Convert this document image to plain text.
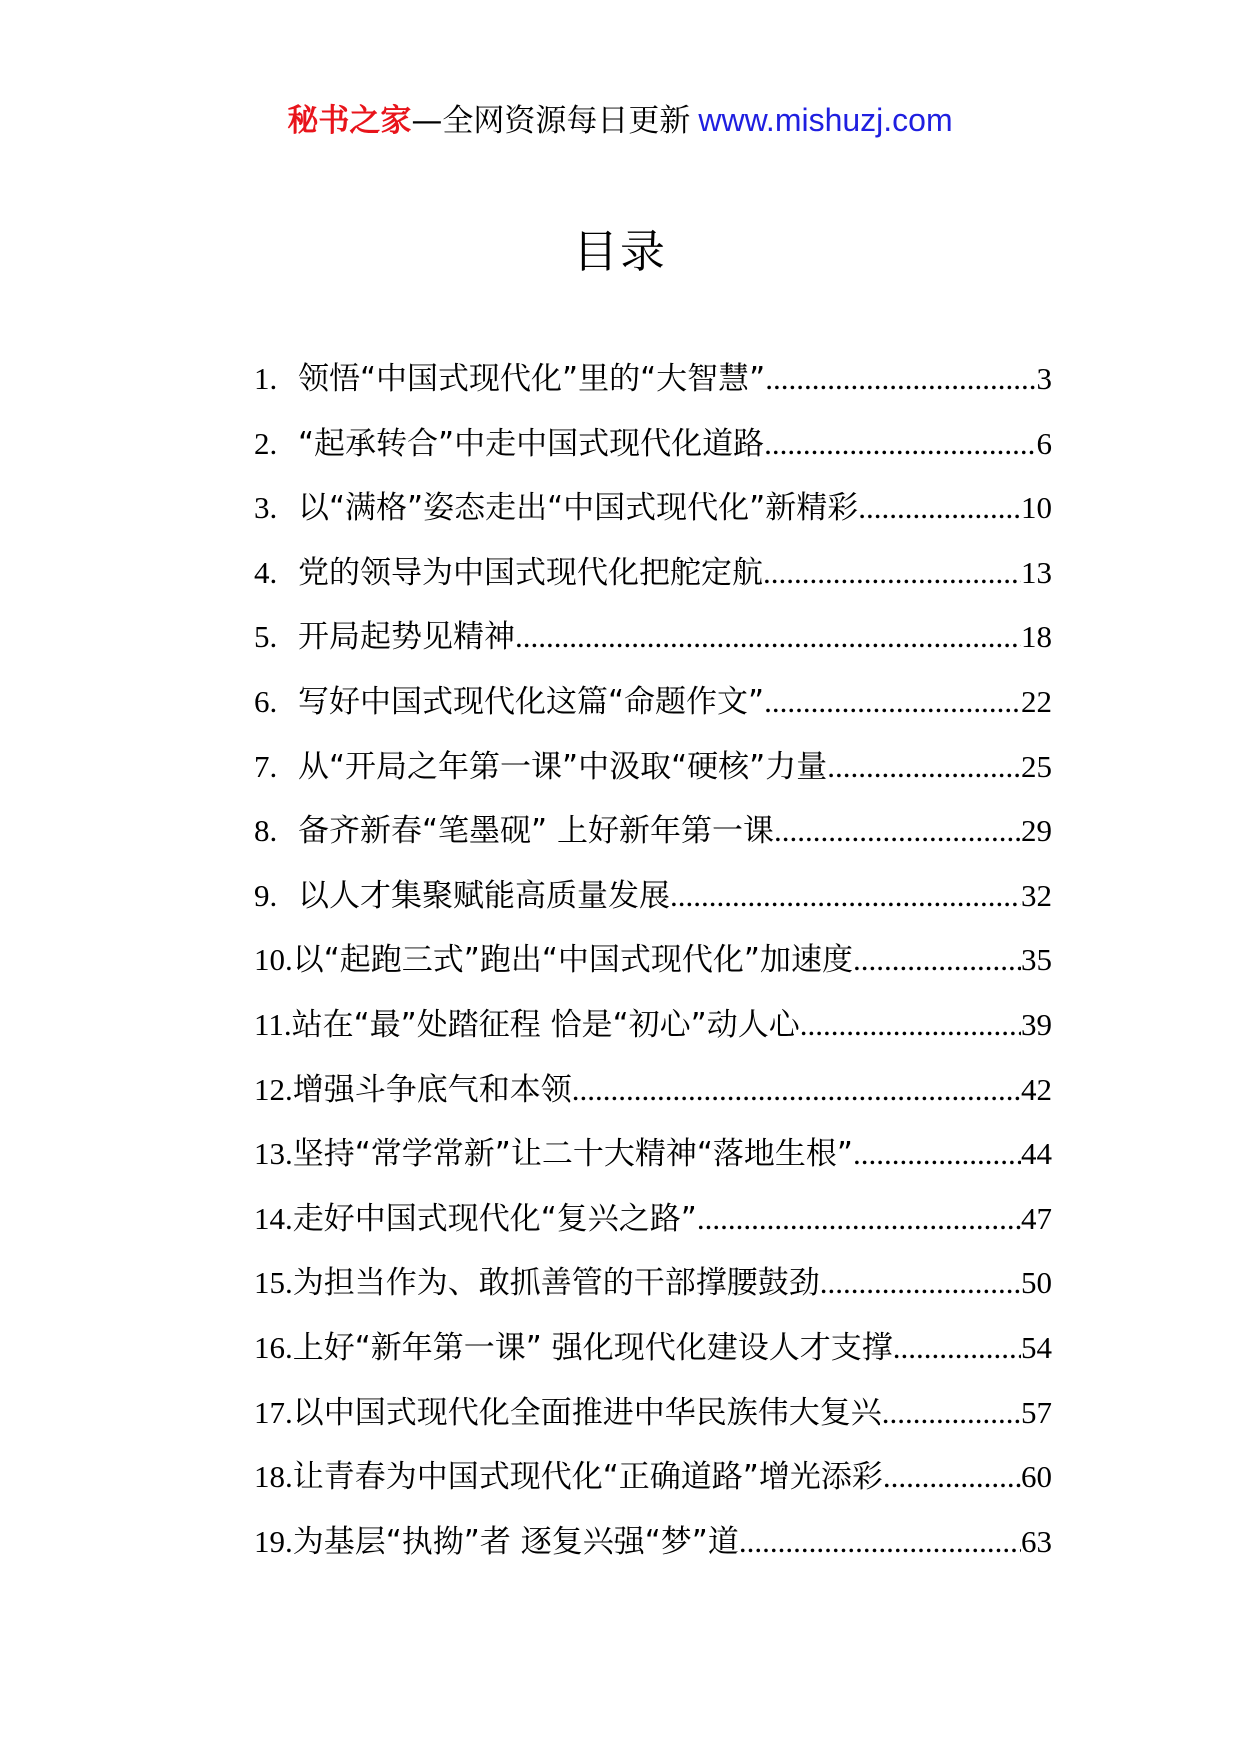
秘书之家—全网资源每日更新 www.mishuzj.com
目录
1. 领悟“中国式现代化”里的“大智慧” .....	3
2. “起承转合”中走中国式现代化道路 .....	6
3. 以“满格”姿态走出“中国式现代化”新精彩 .....	10
4. 党的领导为中国式现代化把舵定航 .....	13
5. 开局起势见精神 .....	18
6. 写好中国式现代化这篇“命题作文” .....	22
7. 从“开局之年第一课”中汲取“硬核”力量 .....	25
8. 备齐新春“笔墨砚” 上好新年第一课 .....	29
9. 以人才集聚赋能高质量发展 .....	32
10. 以“起跑三式”跑出“中国式现代化”加速度 .....	35
11. 站在“最”处踏征程 恰是“初心”动人心 .....	39
12. 增强斗争底气和本领 .....	42
13. 坚持“常学常新”让二十大精神“落地生根” .....	44
14. 走好中国式现代化“复兴之路” .....	47
15. 为担当作为、敢抓善管的干部撑腰鼓劲 .....	50
16. 上好“新年第一课” 强化现代化建设人才支撑 .....	54
17. 以中国式现代化全面推进中华民族伟大复兴 .....	57
18. 让青春为中国式现代化“正确道路”增光添彩 .....	60
19. 为基层“执拗”者 逐复兴强“梦”道 .....	63
